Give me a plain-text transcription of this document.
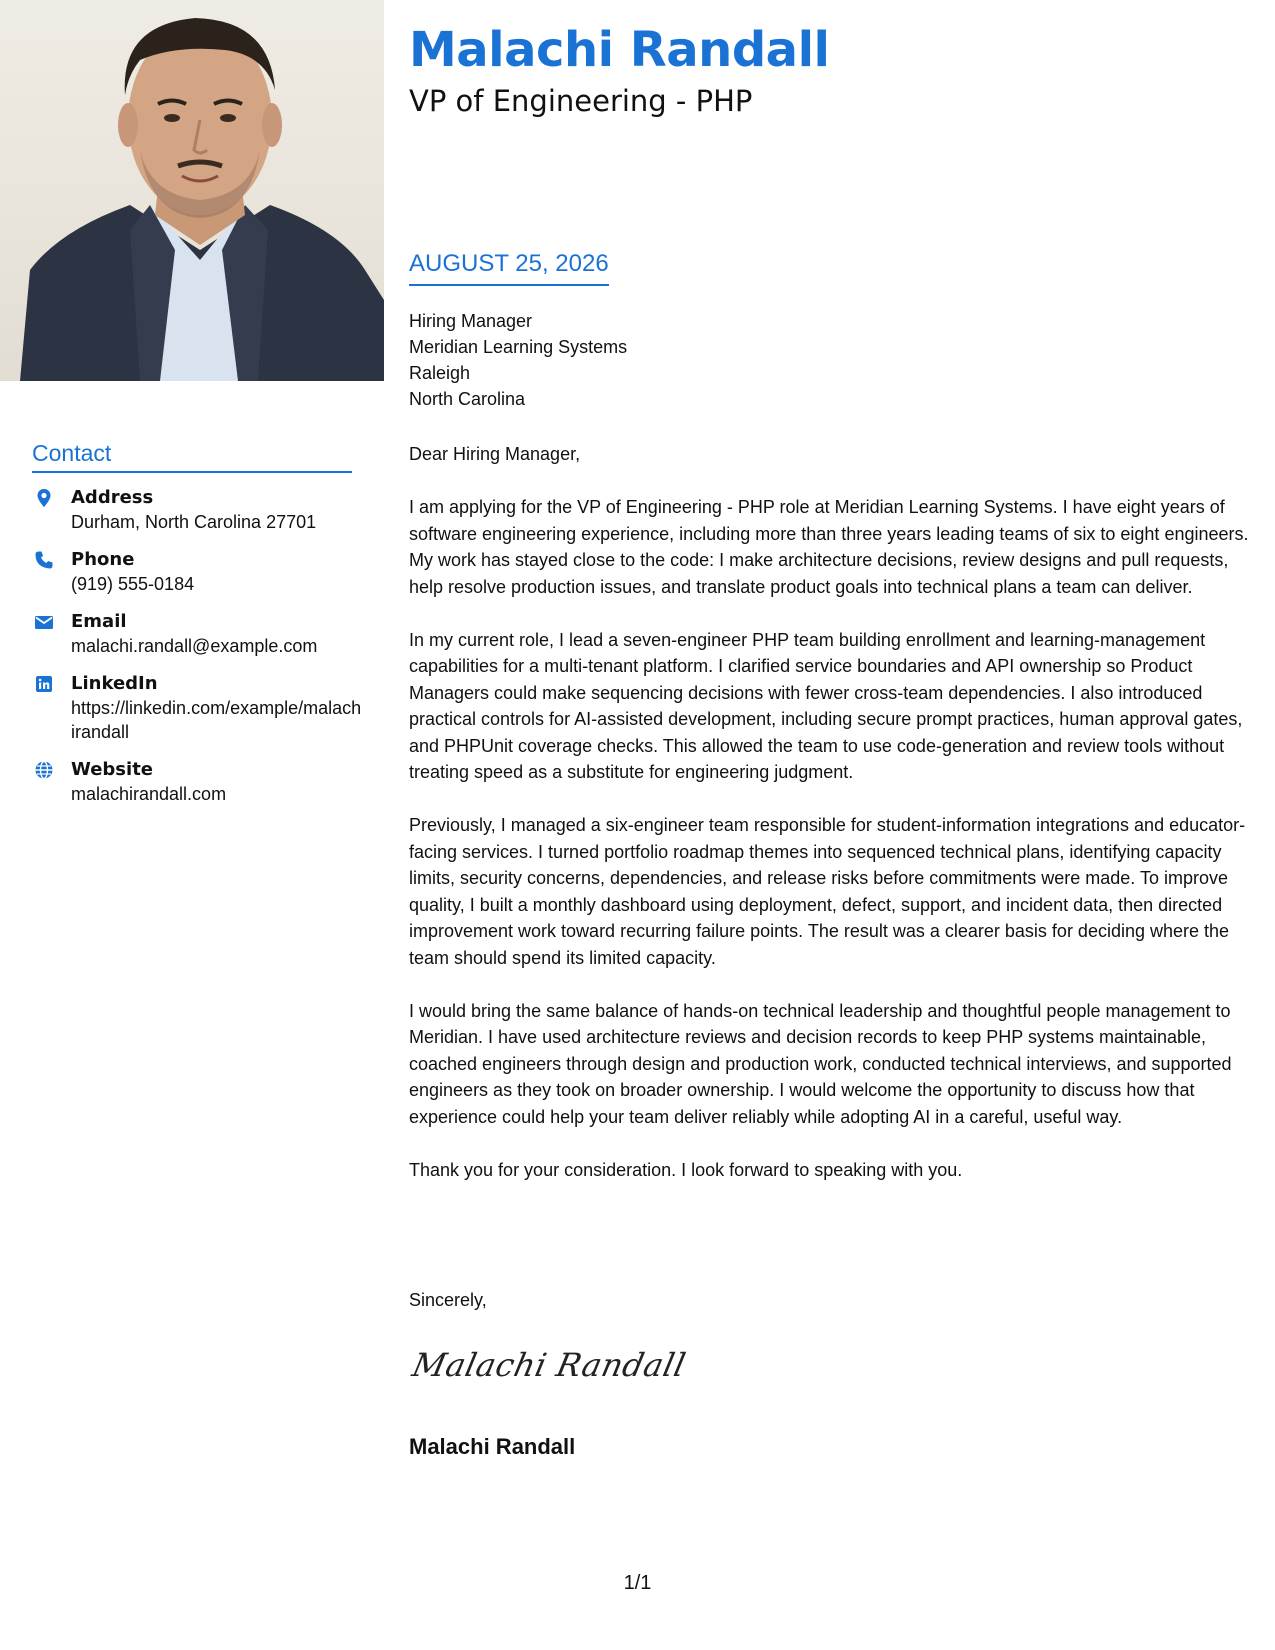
Malachi Randall
VP of Engineering - PHP
AUGUST 25, 2026
Hiring Manager
Meridian Learning Systems
Raleigh
North Carolina

Dear Hiring Manager,

I am applying for the VP of Engineering - PHP role at Meridian Learning Systems. I have eight years of software engineering experience, including more than three years leading teams of six to eight engineers. My work has stayed close to the code: I make architecture decisions, review designs and pull requests, help resolve production issues, and translate product goals into technical plans a team can deliver.

In my current role, I lead a seven-engineer PHP team building enrollment and learning-management capabilities for a multi-tenant platform. I clarified service boundaries and API ownership so Product Managers could make sequencing decisions with fewer cross-team dependencies. I also introduced practical controls for AI-assisted development, including secure prompt practices, human approval gates, and PHPUnit coverage checks. This allowed the team to use code-generation and review tools without treating speed as a substitute for engineering judgment.

Previously, I managed a six-engineer team responsible for student-information integrations and educator-facing services. I turned portfolio roadmap themes into sequenced technical plans, identifying capacity limits, security concerns, dependencies, and release risks before commitments were made. To improve quality, I built a monthly dashboard using deployment, defect, support, and incident data, then directed improvement work toward recurring failure points. The result was a clearer basis for deciding where the team should spend its limited capacity.

I would bring the same balance of hands-on technical leadership and thoughtful people management to Meridian. I have used architecture reviews and decision records to keep PHP systems maintainable, coached engineers through design and production work, conducted technical interviews, and supported engineers as they took on broader ownership. I would welcome the opportunity to discuss how that experience could help your team deliver reliably while adopting AI in a careful, useful way.

Thank you for your consideration. I look forward to speaking with you.

Sincerely,
Malachi Randall
Malachi Randall
Contact
Address
Durham, North Carolina 27701
Phone
(919) 555-0184
Email
malachi.randall@example.com
LinkedIn
https://linkedin.com/example/malachirandall
Website
malachirandall.com
1/1
